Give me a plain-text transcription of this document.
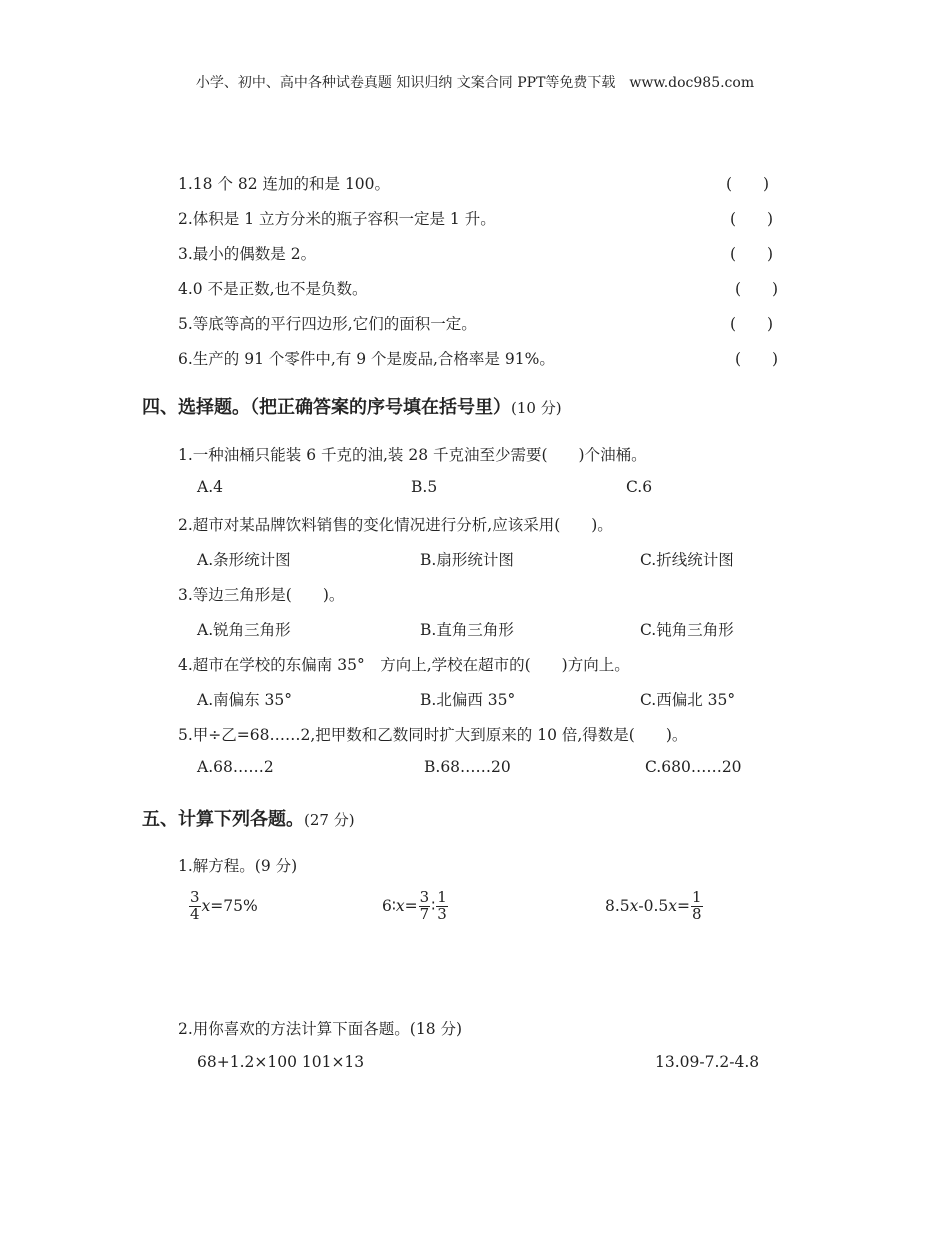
小学、初中、高中各种试卷真题 知识归纳 文案合同 PPT等免费下载　www.doc985.com
1.18 个 82 连加的和是 100。	(　　)
2.体积是 1 立方分米的瓶子容积一定是 1 升。	(　　)
3.最小的偶数是 2。	(　　)
4.0 不是正数,也不是负数。	(　　)
5.等底等高的平行四边形,它们的面积一定。	(　　)
6.生产的 91 个零件中,有 9 个是废品,合格率是 91%。	(　　)
四、选择题。（把正确答案的序号填在括号里）(10 分)
1.一种油桶只能装 6 千克的油,装 28 千克油至少需要(　　)个油桶。
A.4	B.5	C.6
2.超市对某品牌饮料销售的变化情况进行分析,应该采用(　　)。
A.条形统计图	B.扇形统计图	C.折线统计图
3.等边三角形是(　　)。
A.锐角三角形	B.直角三角形	C.钝角三角形
4.超市在学校的东偏南 35°　方向上,学校在超市的(　　)方向上。
A.南偏东 35°	B.北偏西 35°	C.西偏北 35°
5.甲÷乙=68……2,把甲数和乙数同时扩大到原来的 10 倍,得数是(　　)。
A.68……2	B.68……20	C.680……20
五、计算下列各题。(27 分)
1.解方程。(9 分)
$\frac{3}{4}$ x =75%	6∶ $x = \frac{3}{7}$ ∶ $\frac{1}{3}$	8.5 x -0.5 $x = \frac{1}{8}$
2.用你喜欢的方法计算下面各题。(18 分)
68+1.2×100 101×13	13.09-7.2-4.8
